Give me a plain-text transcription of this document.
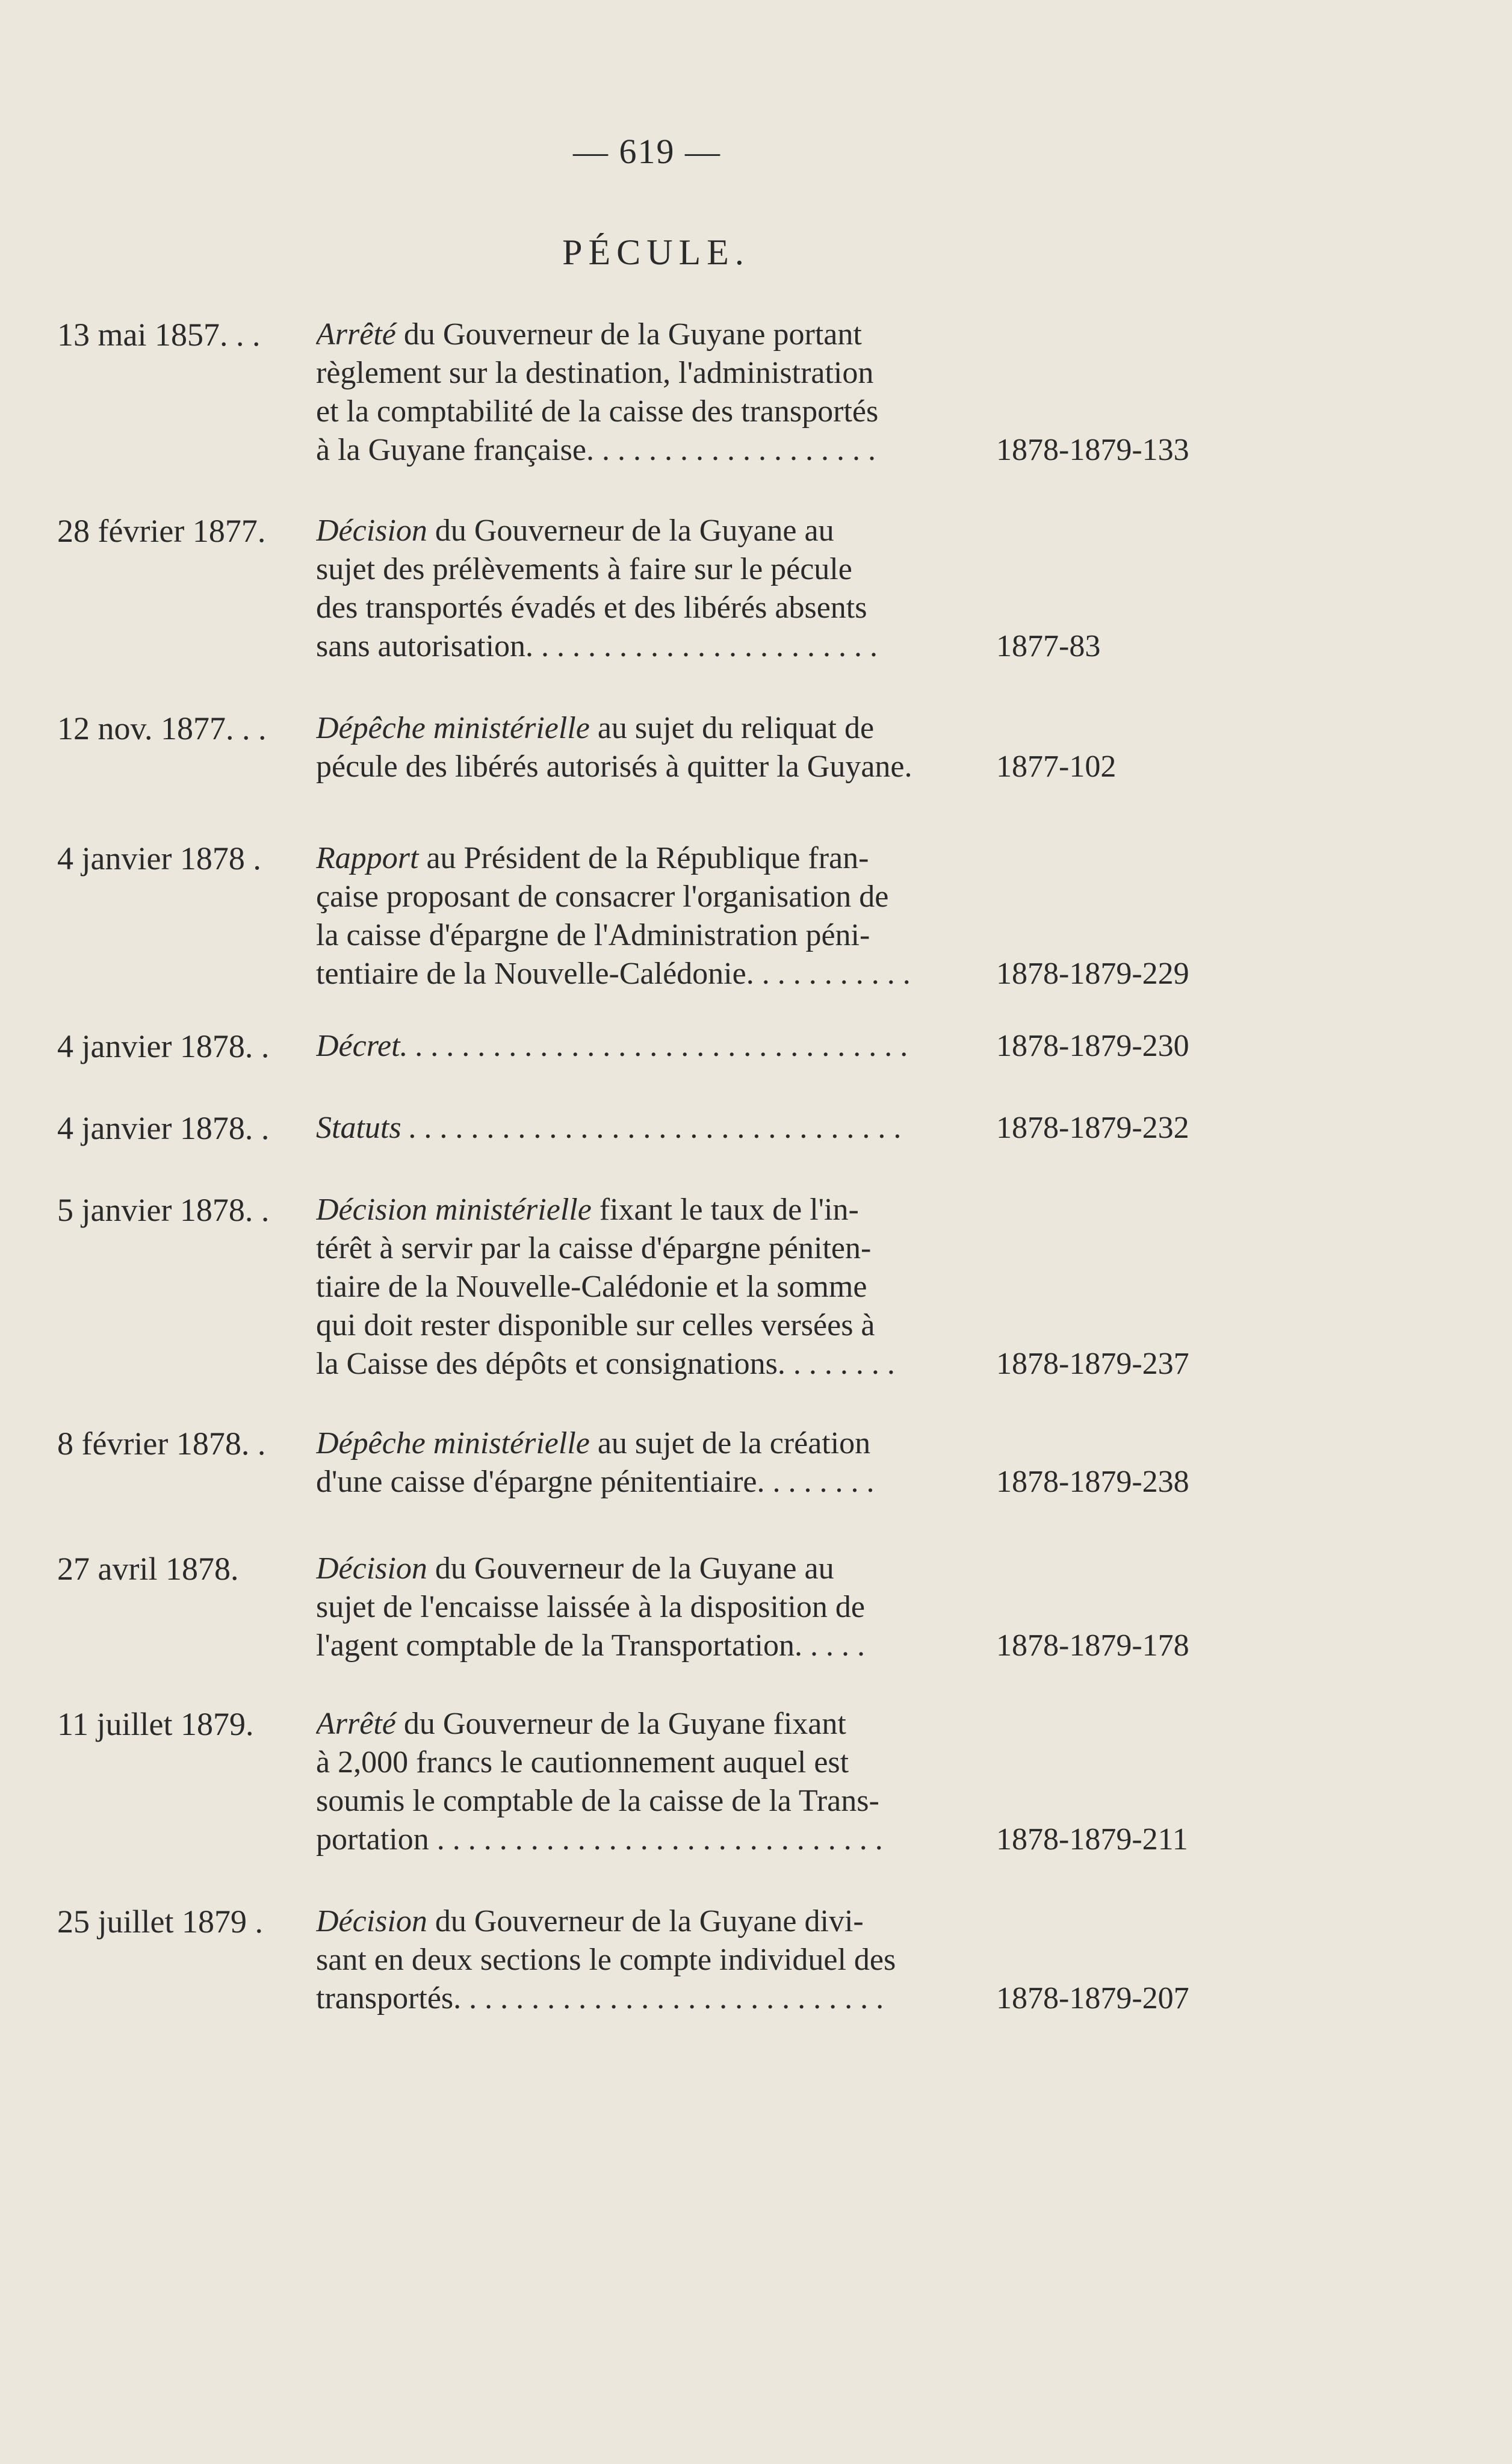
— 619 —
PÉCULE.
13 mai 1857. . .	Arrêté du Gouverneur de la Guyane portant
règlement sur la destination, l'administration
et la comptabilité de la caisse des transportés
à la Guyane française. . . . . . . . . . . . . . . . . . .	1878-1879-133
28 février 1877.	Décision du Gouverneur de la Guyane au
sujet des prélèvements à faire sur le pécule
des transportés évadés et des libérés absents
sans autorisation. . . . . . . . . . . . . . . . . . . . . . .	1877-83
12 nov. 1877. . .	Dépêche ministérielle au sujet du reliquat de
pécule des libérés autorisés à quitter la Guyane.	1877-102
4 janvier 1878 .	Rapport au Président de la République fran-
çaise proposant de consacrer l'organisation de
la caisse d'épargne de l'Administration péni-
tentiaire de la Nouvelle-Calédonie. . . . . . . . . . .	1878-1879-229
4 janvier 1878. .	Décret. . . . . . . . . . . . . . . . . . . . . . . . . . . . . . . . .	1878-1879-230
4 janvier 1878. .	Statuts . . . . . . . . . . . . . . . . . . . . . . . . . . . . . . . .	1878-1879-232
5 janvier 1878. .	Décision ministérielle fixant le taux de l'in-
térêt à servir par la caisse d'épargne péniten-
tiaire de la Nouvelle-Calédonie et la somme
qui doit rester disponible sur celles versées à
la Caisse des dépôts et consignations. . . . . . . .	1878-1879-237
8 février 1878. .	Dépêche ministérielle au sujet de la création
d'une caisse d'épargne pénitentiaire. . . . . . . .	1878-1879-238
27 avril 1878.	Décision du Gouverneur de la Guyane au
sujet de l'encaisse laissée à la disposition de
l'agent comptable de la Transportation. . . . .	1878-1879-178
11 juillet 1879.	Arrêté du Gouverneur de la Guyane fixant
à 2,000 francs le cautionnement auquel est
soumis le comptable de la caisse de la Trans-
portation . . . . . . . . . . . . . . . . . . . . . . . . . . . . .	1878-1879-211
25 juillet 1879 .	Décision du Gouverneur de la Guyane divi-
sant en deux sections le compte individuel des
transportés. . . . . . . . . . . . . . . . . . . . . . . . . . . .	1878-1879-207
